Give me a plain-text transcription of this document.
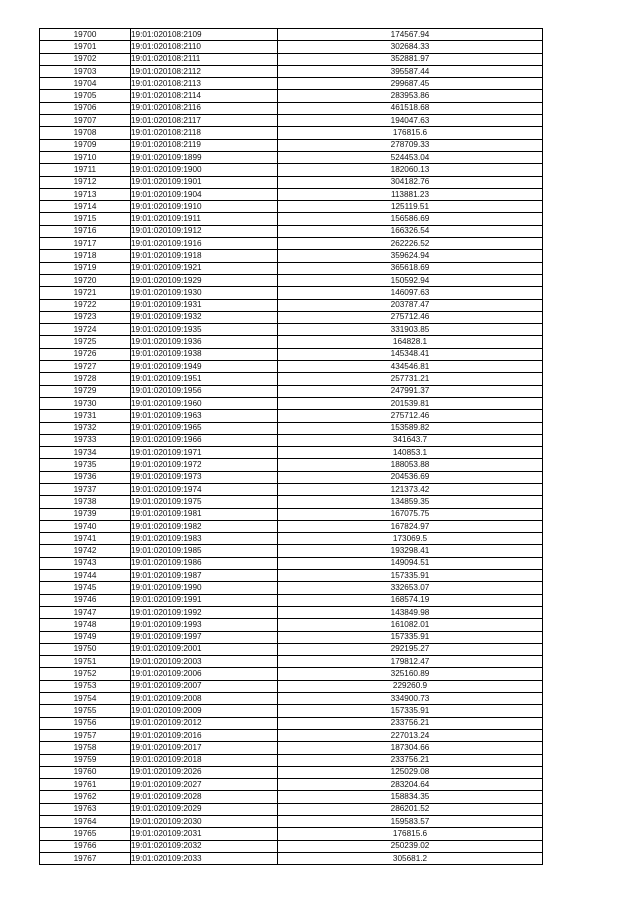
19700	19:01:020108:2109	174567.94
19701	19:01:020108:2110	302684.33
19702	19:01:020108:2111	352881.97
19703	19:01:020108:2112	395587.44
19704	19:01:020108:2113	299687.45
19705	19:01:020108:2114	283953.86
19706	19:01:020108:2116	461518.68
19707	19:01:020108:2117	194047.63
19708	19:01:020108:2118	176815.6
19709	19:01:020108:2119	278709.33
19710	19:01:020109:1899	524453.04
19711	19:01:020109:1900	182060.13
19712	19:01:020109:1901	304182.76
19713	19:01:020109:1904	113881.23
19714	19:01:020109:1910	125119.51
19715	19:01:020109:1911	156586.69
19716	19:01:020109:1912	166326.54
19717	19:01:020109:1916	262226.52
19718	19:01:020109:1918	359624.94
19719	19:01:020109:1921	365618.69
19720	19:01:020109:1929	150592.94
19721	19:01:020109:1930	146097.63
19722	19:01:020109:1931	203787.47
19723	19:01:020109:1932	275712.46
19724	19:01:020109:1935	331903.85
19725	19:01:020109:1936	164828.1
19726	19:01:020109:1938	145348.41
19727	19:01:020109:1949	434546.81
19728	19:01:020109:1951	257731.21
19729	19:01:020109:1956	247991.37
19730	19:01:020109:1960	201539.81
19731	19:01:020109:1963	275712.46
19732	19:01:020109:1965	153589.82
19733	19:01:020109:1966	341643.7
19734	19:01:020109:1971	140853.1
19735	19:01:020109:1972	188053.88
19736	19:01:020109:1973	204536.69
19737	19:01:020109:1974	121373.42
19738	19:01:020109:1975	134859.35
19739	19:01:020109:1981	167075.75
19740	19:01:020109:1982	167824.97
19741	19:01:020109:1983	173069.5
19742	19:01:020109:1985	193298.41
19743	19:01:020109:1986	149094.51
19744	19:01:020109:1987	157335.91
19745	19:01:020109:1990	332653.07
19746	19:01:020109:1991	168574.19
19747	19:01:020109:1992	143849.98
19748	19:01:020109:1993	161082.01
19749	19:01:020109:1997	157335.91
19750	19:01:020109:2001	292195.27
19751	19:01:020109:2003	179812.47
19752	19:01:020109:2006	325160.89
19753	19:01:020109:2007	229260.9
19754	19:01:020109:2008	334900.73
19755	19:01:020109:2009	157335.91
19756	19:01:020109:2012	233756.21
19757	19:01:020109:2016	227013.24
19758	19:01:020109:2017	187304.66
19759	19:01:020109:2018	233756.21
19760	19:01:020109:2026	125029.08
19761	19:01:020109:2027	283204.64
19762	19:01:020109:2028	158834.35
19763	19:01:020109:2029	286201.52
19764	19:01:020109:2030	159583.57
19765	19:01:020109:2031	176815.6
19766	19:01:020109:2032	250239.02
19767	19:01:020109:2033	305681.2
